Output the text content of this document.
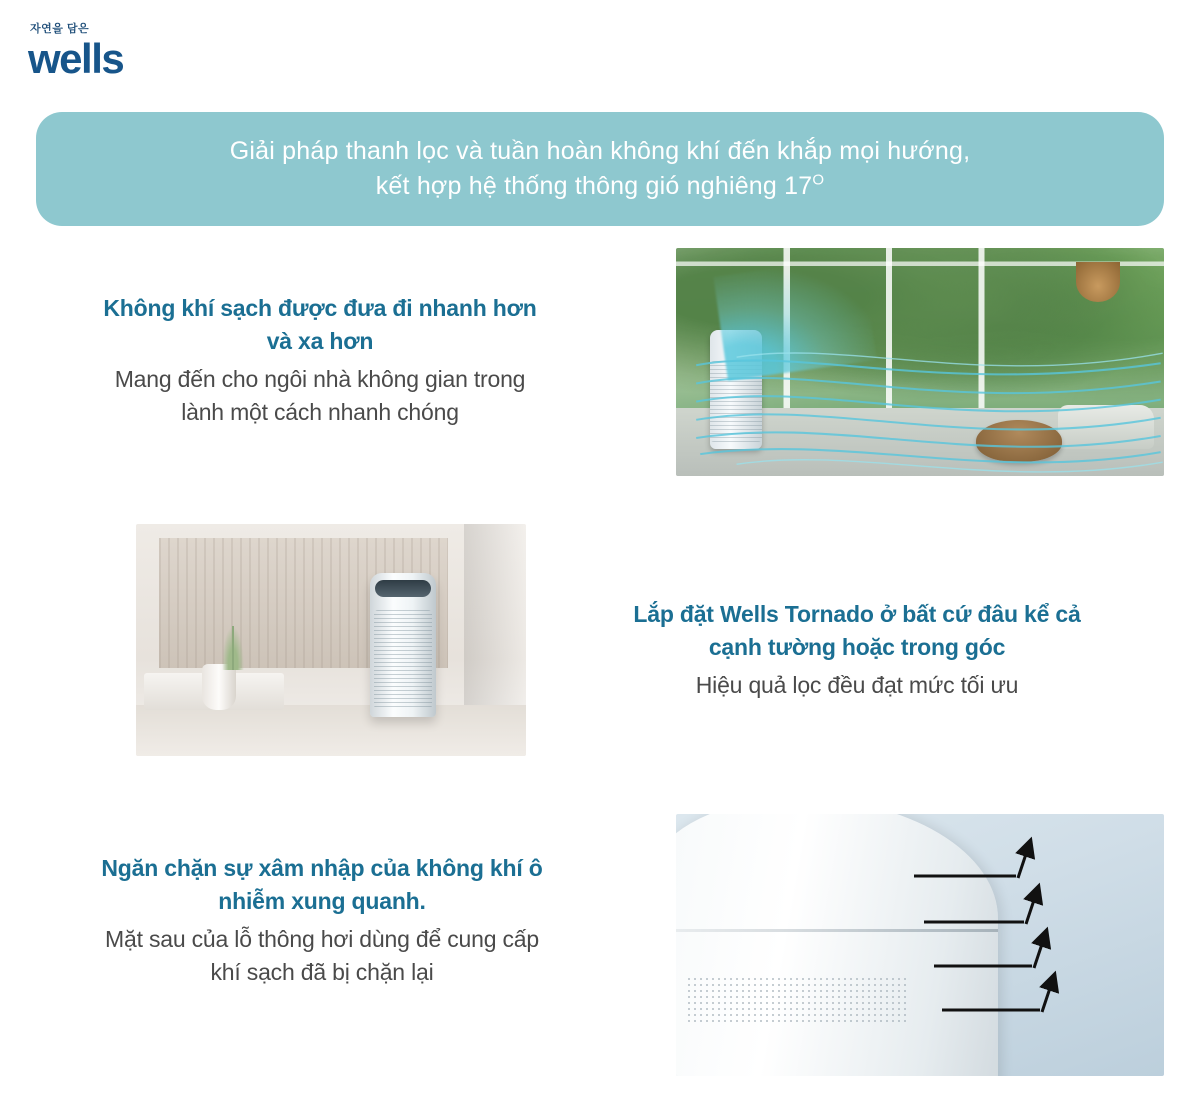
자연을 담은
wells
Giải pháp thanh lọc và tuần hoàn không khí đến khắp mọi hướng,
kết hợp hệ thống thông gió nghiêng $17^O$
Không khí sạch được đưa đi nhanh hơn
và xa hơn
Mang đến cho ngôi nhà không gian trong
lành một cách nhanh chóng
Lắp đặt Wells Tornado ở bất cứ đâu kể cả
cạnh tường hoặc trong góc
Hiệu quả lọc đều đạt mức tối ưu
Ngăn chặn sự xâm nhập của không khí ô
nhiễm xung quanh.
Mặt sau của lỗ thông hơi dùng để cung cấp
khí sạch đã bị chặn lại
